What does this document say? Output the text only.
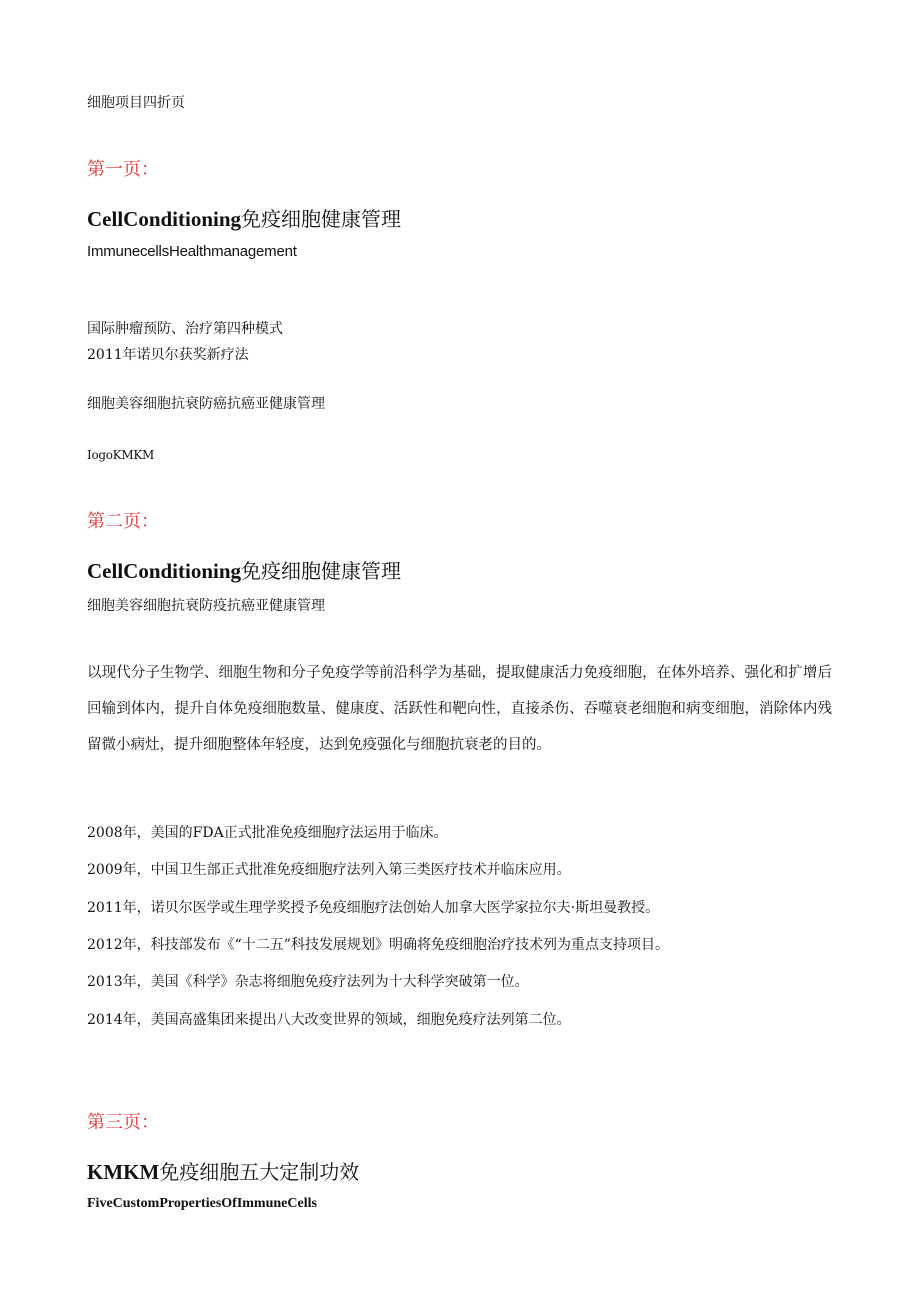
细胞项目四折页

第一页：

CellConditioning免疫细胞健康管理

ImmunecellsHealthmanagement

国际肿瘤预防、治疗第四种模式

2011年诺贝尔获奖新疗法

细胞美容细胞抗衰防癌抗癌亚健康管理

IogoKMKM

第二页：

CellConditioning免疫细胞健康管理

细胞美容细胞抗衰防疫抗癌亚健康管理

以现代分子生物学、细胞生物和分子免疫学等前沿科学为基础，提取健康活力免疫细胞，在体外培养、强化和扩增后回输到体内，提升自体免疫细胞数量、健康度、活跃性和靶向性，直接杀伤、吞噬衰老细胞和病变细胞，消除体内残留微小病灶，提升细胞整体年轻度，达到免疫强化与细胞抗衰老的目的。

2008年，美国的FDA正式批准免疫细胞疗法运用于临床。

2009年，中国卫生部正式批准免疫细胞疗法列入第三类医疗技术并临床应用。

2011年，诺贝尔医学或生理学奖授予免疫细胞疗法创始人加拿大医学家拉尔夫·斯坦曼教授。

2012年，科技部发布《“十二五”科技发展规划》明确将免疫细胞治疗技术列为重点支持项目。

2013年，美国《科学》杂志将细胞免疫疗法列为十大科学突破第一位。

2014年，美国高盛集团来提出八大改变世界的领域，细胞免疫疗法列第二位。

第三页：

KMKM免疫细胞五大定制功效

FiveCustomPropertiesOfImmuneCells
